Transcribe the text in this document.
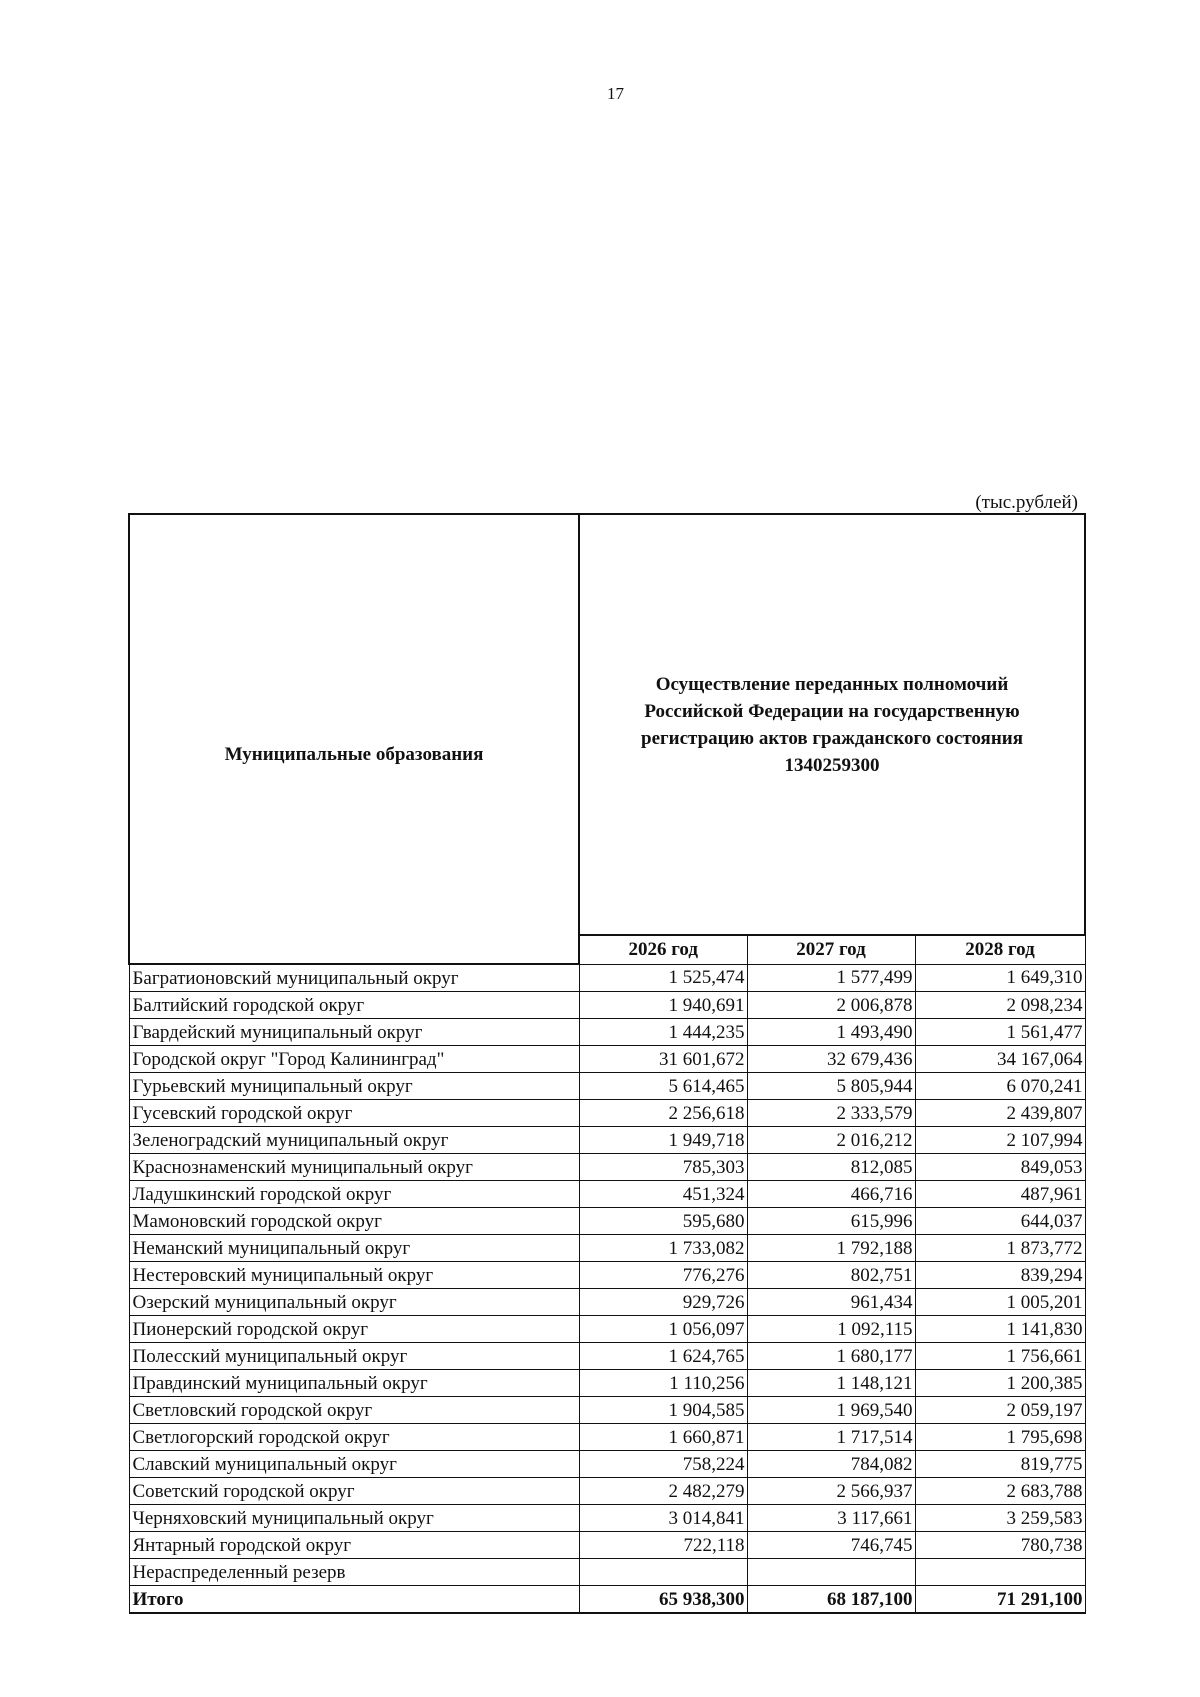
17
(тыс.рублей)
Муниципальные образования	Осуществление переданных полномочий Российской Федерации на государственную регистрацию актов гражданского состояния 1340259300		
	2026 год	2027 год	2028 год
Багратионовский муниципальный округ	1 525,474	1 577,499	1 649,310
Балтийский городской округ	1 940,691	2 006,878	2 098,234
Гвардейский муниципальный округ	1 444,235	1 493,490	1 561,477
Городской округ "Город Калининград"	31 601,672	32 679,436	34 167,064
Гурьевский муниципальный округ	5 614,465	5 805,944	6 070,241
Гусевский городской округ	2 256,618	2 333,579	2 439,807
Зеленоградский муниципальный округ	1 949,718	2 016,212	2 107,994
Краснознаменский муниципальный округ	785,303	812,085	849,053
Ладушкинский городской округ	451,324	466,716	487,961
Мамоновский городской округ	595,680	615,996	644,037
Неманский муниципальный округ	1 733,082	1 792,188	1 873,772
Нестеровский муниципальный округ	776,276	802,751	839,294
Озерский муниципальный округ	929,726	961,434	1 005,201
Пионерский городской округ	1 056,097	1 092,115	1 141,830
Полесский муниципальный округ	1 624,765	1 680,177	1 756,661
Правдинский муниципальный округ	1 110,256	1 148,121	1 200,385
Светловский городской округ	1 904,585	1 969,540	2 059,197
Светлогорский городской округ	1 660,871	1 717,514	1 795,698
Славский муниципальный округ	758,224	784,082	819,775
Советский городской округ	2 482,279	2 566,937	2 683,788
Черняховский муниципальный округ	3 014,841	3 117,661	3 259,583
Янтарный городской округ	722,118	746,745	780,738
Нераспределенный резерв			
Итого	65 938,300	68 187,100	71 291,100
